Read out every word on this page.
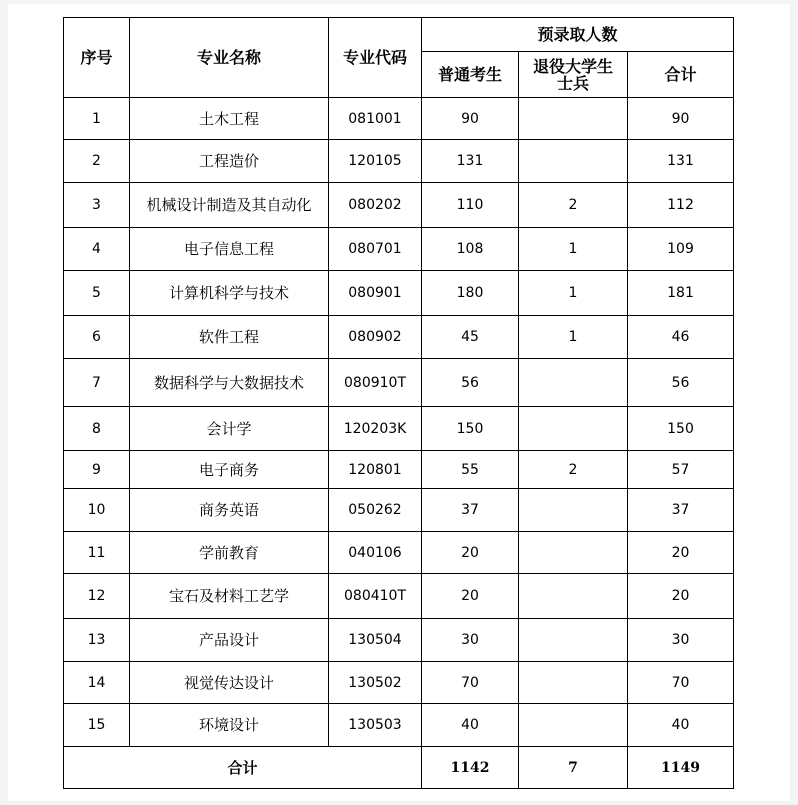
序号	专业名称	专业代码	预录取人数		
			普通考生	退役大学生士兵	合计
1	土木工程	081001	90		90
2	工程造价	120105	131		131
3	机械设计制造及其自动化	080202	110	2	112
4	电子信息工程	080701	108	1	109
5	计算机科学与技术	080901	180	1	181
6	软件工程	080902	45	1	46
7	数据科学与大数据技术	080910T	56		56
8	会计学	120203K	150		150
9	电子商务	120801	55	2	57
10	商务英语	050262	37		37
11	学前教育	040106	20		20
12	宝石及材料工艺学	080410T	20		20
13	产品设计	130504	30		30
14	视觉传达设计	130502	70		70
15	环境设计	130503	40		40
合计			1142	7	1149
